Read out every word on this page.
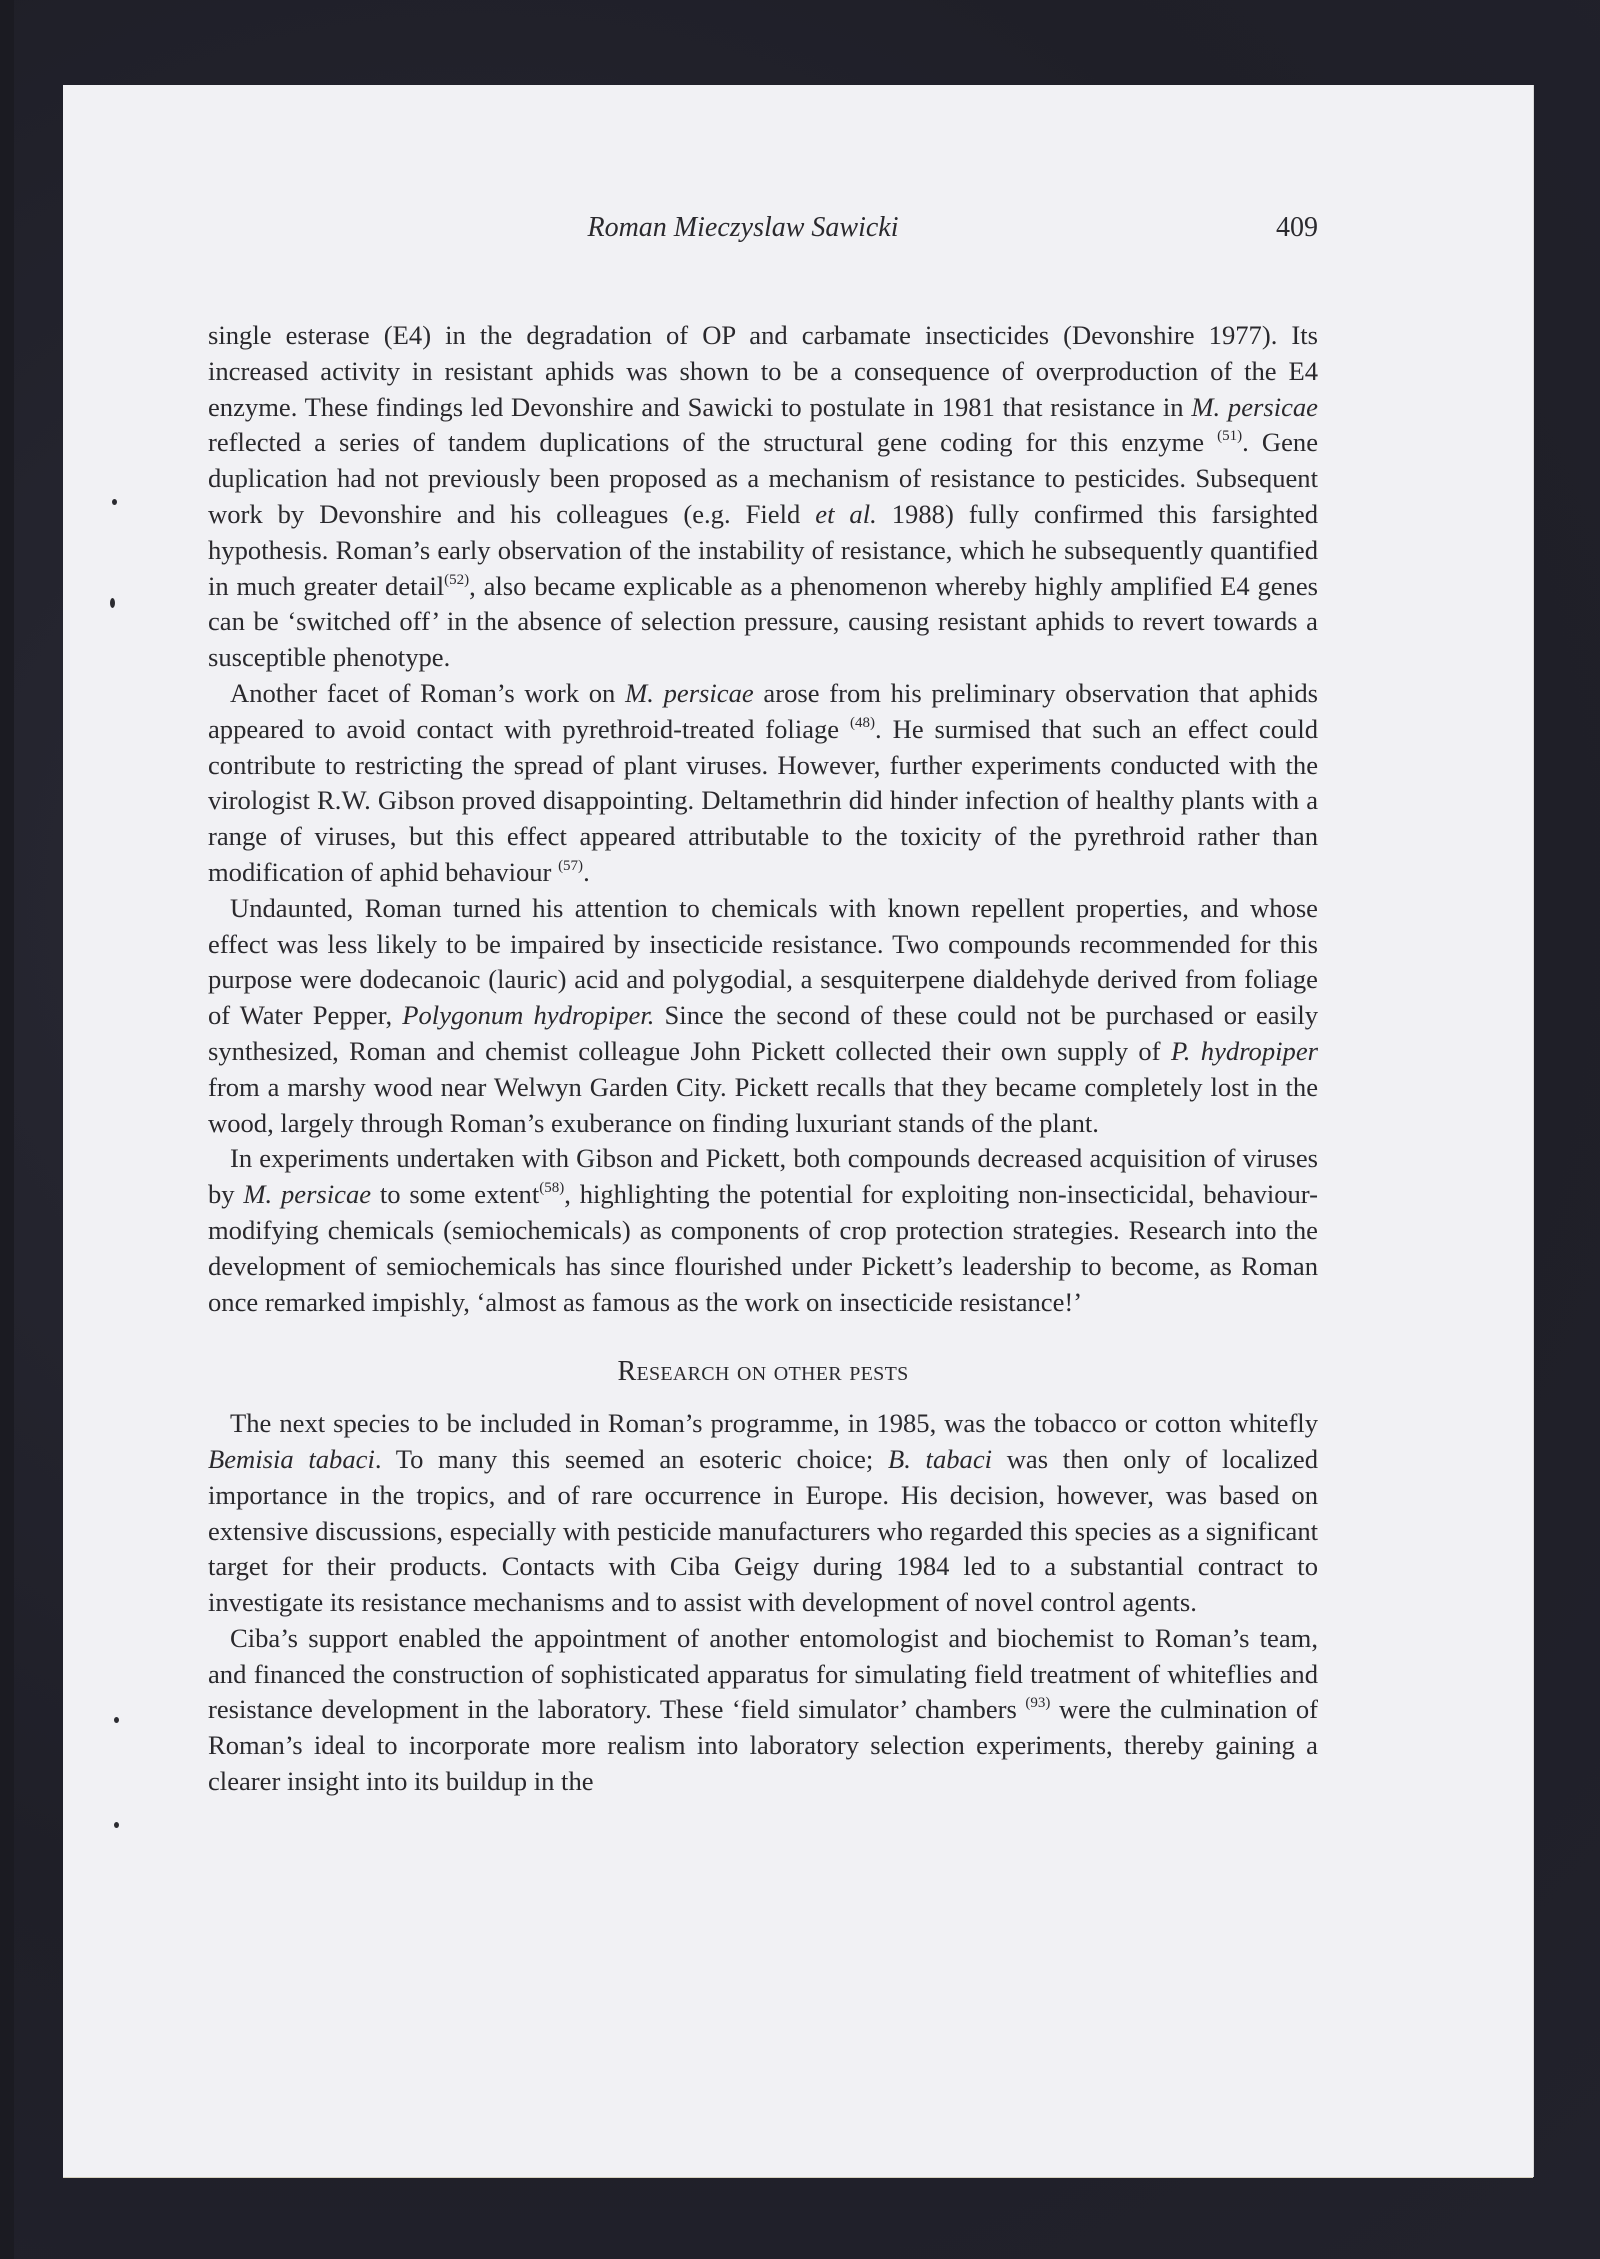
Roman Mieczyslaw Sawicki	409

single esterase (E4) in the degradation of OP and carbamate insecticides (Devonshire 1977). Its increased activity in resistant aphids was shown to be a consequence of overproduction of the E4 enzyme. These findings led Devonshire and Sawicki to postulate in 1981 that resistance in M. persicae reflected a series of tandem duplications of the structural gene coding for this enzyme $^{(51)}$. Gene duplication had not previously been proposed as a mechanism of resistance to pesticides. Subsequent work by Devonshire and his colleagues (e.g. Field et al. 1988) fully confirmed this farsighted hypothesis. Roman’s early observation of the instability of resistance, which he subsequently quantified in much greater detail$^{(52)}$, also became explicable as a phenomenon whereby highly amplified E4 genes can be ‘switched off’ in the absence of selection pressure, causing resistant aphids to revert towards a susceptible phenotype.

Another facet of Roman’s work on M. persicae arose from his preliminary observation that aphids appeared to avoid contact with pyrethroid-treated foliage $^{(48)}$. He surmised that such an effect could contribute to restricting the spread of plant viruses. However, further experiments conducted with the virologist R.W. Gibson proved disappointing. Deltamethrin did hinder infection of healthy plants with a range of viruses, but this effect appeared attributable to the toxicity of the pyrethroid rather than modification of aphid behaviour $^{(57)}$.

Undaunted, Roman turned his attention to chemicals with known repellent properties, and whose effect was less likely to be impaired by insecticide resistance. Two compounds recommended for this purpose were dodecanoic (lauric) acid and polygodial, a sesquiterpene dialdehyde derived from foliage of Water Pepper, Polygonum hydropiper. Since the second of these could not be purchased or easily synthesized, Roman and chemist colleague John Pickett collected their own supply of P. hydropiper from a marshy wood near Welwyn Garden City. Pickett recalls that they became completely lost in the wood, largely through Roman’s exuberance on finding luxuriant stands of the plant.

In experiments undertaken with Gibson and Pickett, both compounds decreased acquisition of viruses by M. persicae to some extent$^{(58)}$, highlighting the potential for exploiting non-insecticidal, behaviour-modifying chemicals (semiochemicals) as components of crop protection strategies. Research into the development of semiochemicals has since flourished under Pickett’s leadership to become, as Roman once remarked impishly, ‘almost as famous as the work on insecticide resistance!’

Research on other pests

The next species to be included in Roman’s programme, in 1985, was the tobacco or cotton whitefly Bemisia tabaci. To many this seemed an esoteric choice; B. tabaci was then only of localized importance in the tropics, and of rare occurrence in Europe. His decision, however, was based on extensive discussions, especially with pesticide manufacturers who regarded this species as a significant target for their products. Contacts with Ciba Geigy during 1984 led to a substantial contract to investigate its resistance mechanisms and to assist with development of novel control agents.

Ciba’s support enabled the appointment of another entomologist and biochemist to Roman’s team, and financed the construction of sophisticated apparatus for simulating field treatment of whiteflies and resistance development in the laboratory. These ‘field simulator’ chambers $^{(93)}$ were the culmination of Roman’s ideal to incorporate more realism into laboratory selection experiments, thereby gaining a clearer insight into its buildup in the
